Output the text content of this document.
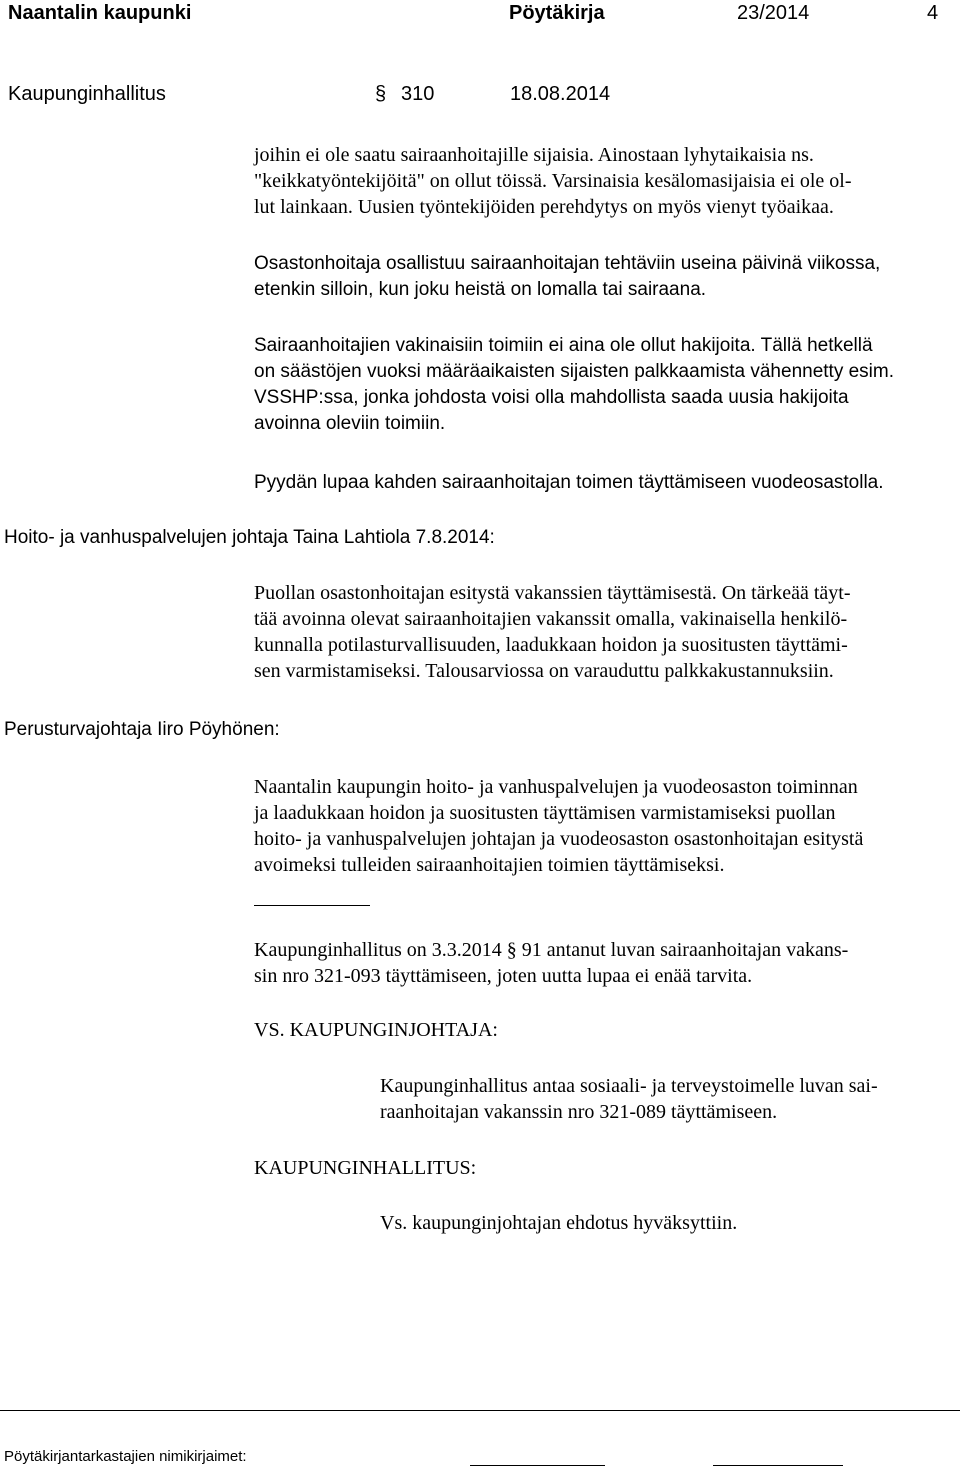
Naantalin kaupunki	Pöytäkirja	23/2014	4
Kaupunginhallitus	§ 310	18.08.2014
joihin ei ole saatu sairaanhoitajille sijaisia. Ainostaan lyhytaikaisia ns.
"keikkatyöntekijöitä" on ollut töissä. Varsinaisia kesälomasijaisia ei ole ol-
lut lainkaan. Uusien työntekijöiden perehdytys on myös vienyt työaikaa.
Osastonhoitaja osallistuu sairaanhoitajan tehtäviin useina päivinä viikossa,
etenkin silloin, kun joku heistä on lomalla tai sairaana.
Sairaanhoitajien vakinaisiin toimiin ei aina ole ollut hakijoita. Tällä hetkellä
on säästöjen vuoksi määräaikaisten sijaisten palkkaamista vähennetty esim.
VSSHP:ssa, jonka johdosta voisi olla mahdollista saada uusia hakijoita
avoinna oleviin toimiin.
Pyydän lupaa kahden sairaanhoitajan toimen täyttämiseen vuodeosastolla.
Hoito- ja vanhuspalvelujen johtaja Taina Lahtiola 7.8.2014:
Puollan osastonhoitajan esitystä vakanssien täyttämisestä. On tärkeää täyt-
tää avoinna olevat sairaanhoitajien vakanssit omalla, vakinaisella henkilö-
kunnalla potilasturvallisuuden, laadukkaan hoidon ja suositusten täyttämi-
sen varmistamiseksi. Talousarviossa on varauduttu palkkakustannuksiin.
Perusturvajohtaja Iiro Pöyhönen:
Naantalin kaupungin hoito- ja vanhuspalvelujen ja vuodeosaston toiminnan
ja laadukkaan hoidon ja suositusten täyttämisen varmistamiseksi puollan
hoito- ja vanhuspalvelujen johtajan ja vuodeosaston osastonhoitajan esitystä
avoimeksi tulleiden sairaanhoitajien toimien täyttämiseksi.
Kaupunginhallitus on 3.3.2014 § 91 antanut luvan sairaanhoitajan vakans-
sin nro 321-093 täyttämiseen, joten uutta lupaa ei enää tarvita.
VS. KAUPUNGINJOHTAJA:
Kaupunginhallitus antaa sosiaali- ja terveystoimelle luvan sai-
raanhoitajan vakanssin nro 321-089 täyttämiseen.
KAUPUNGINHALLITUS:
Vs. kaupunginjohtajan ehdotus hyväksyttiin.
Pöytäkirjantarkastajien nimikirjaimet:
